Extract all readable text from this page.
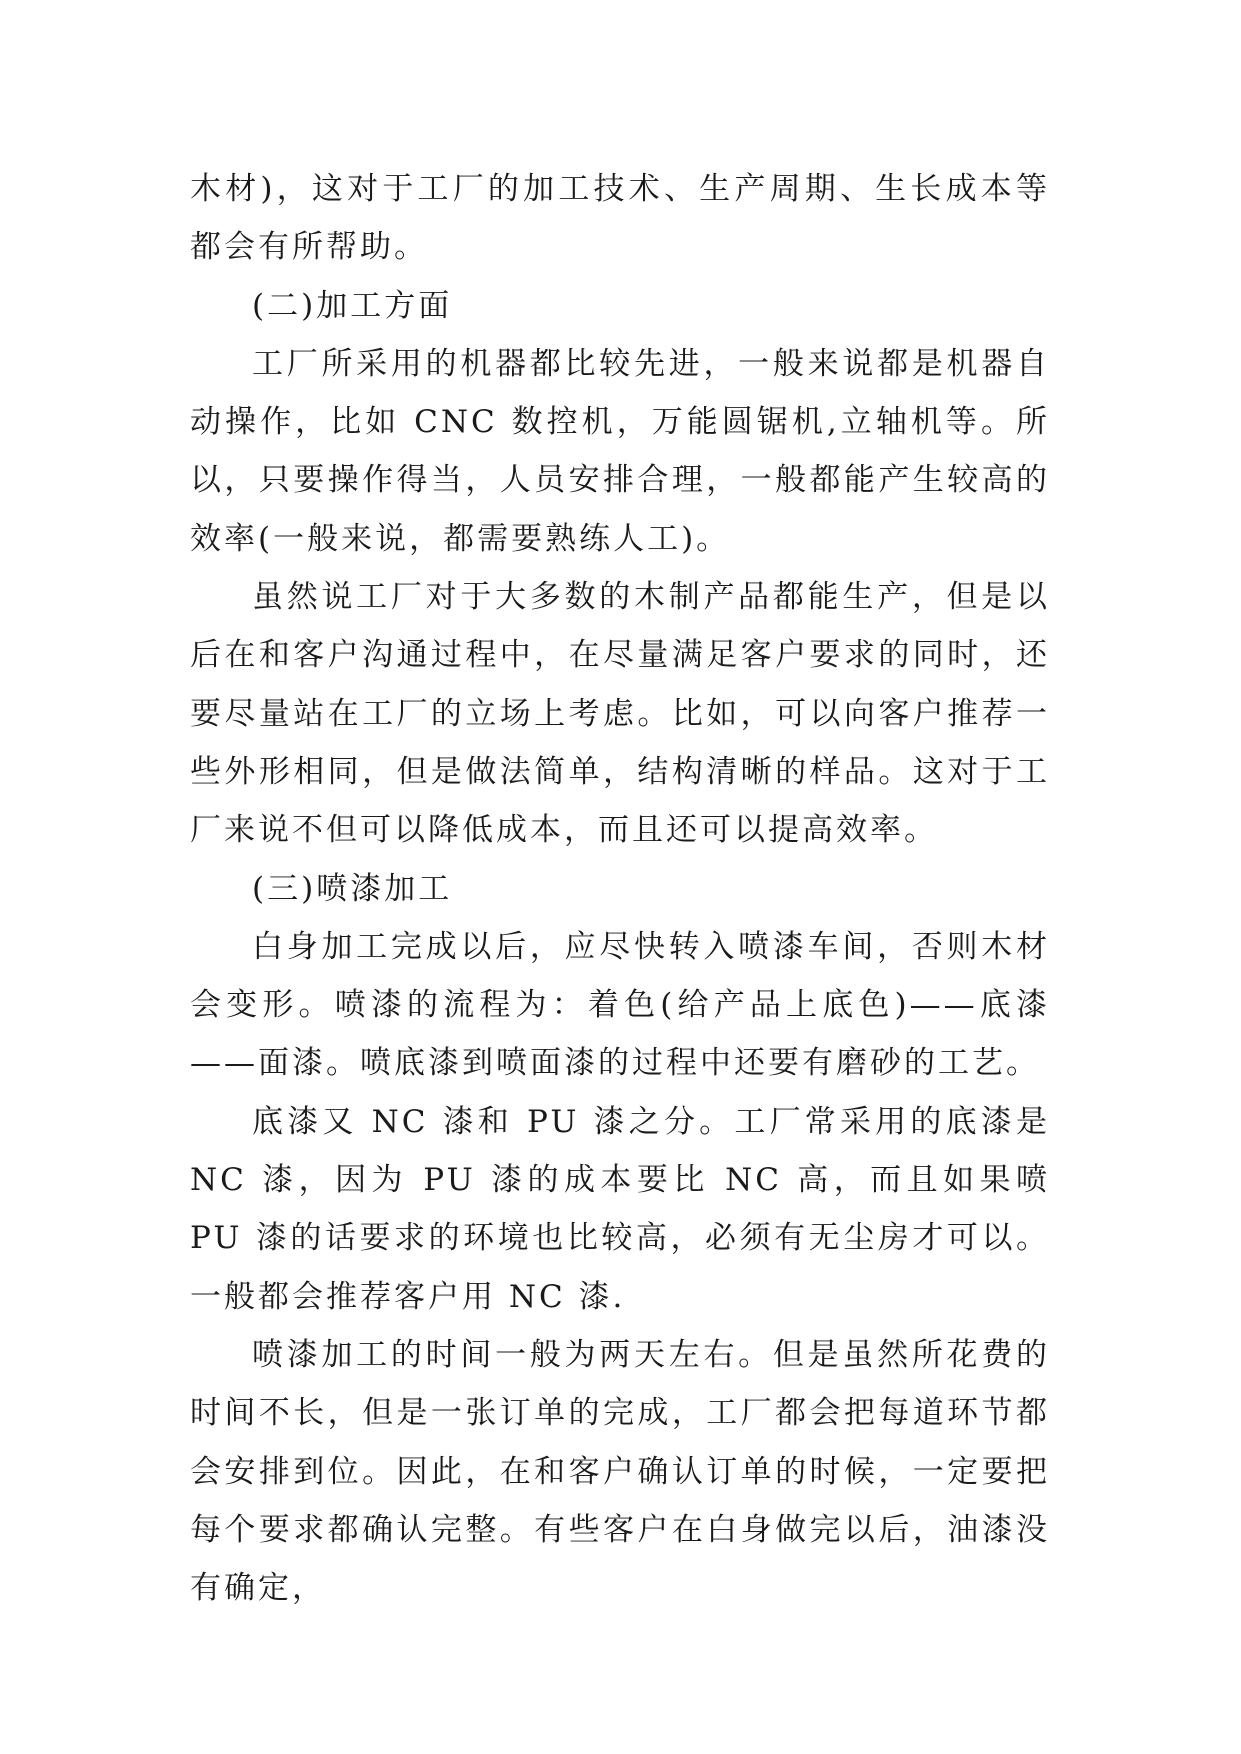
木材)，这对于工厂的加工技术、生产周期、生长成本等都会有所帮助。

(二)加工方面

工厂所采用的机器都比较先进，一般来说都是机器自动操作，比如 CNC 数控机，万能圆锯机,立轴机等。所以，只要操作得当，人员安排合理，一般都能产生较高的效率(一般来说，都需要熟练人工)。

虽然说工厂对于大多数的木制产品都能生产，但是以后在和客户沟通过程中，在尽量满足客户要求的同时，还要尽量站在工厂的立场上考虑。比如，可以向客户推荐一些外形相同，但是做法简单，结构清晰的样品。这对于工厂来说不但可以降低成本，而且还可以提高效率。

(三)喷漆加工

白身加工完成以后，应尽快转入喷漆车间，否则木材会变形。喷漆的流程为：着色(给产品上底色)——底漆——面漆。喷底漆到喷面漆的过程中还要有磨砂的工艺。

底漆又 NC 漆和 PU 漆之分。工厂常采用的底漆是 NC 漆，因为 PU 漆的成本要比 NC 高，而且如果喷 PU 漆的话要求的环境也比较高，必须有无尘房才可以。一般都会推荐客户用 NC 漆.

喷漆加工的时间一般为两天左右。但是虽然所花费的时间不长，但是一张订单的完成，工厂都会把每道环节都会安排到位。因此，在和客户确认订单的时候，一定要把每个要求都确认完整。有些客户在白身做完以后，油漆没有确定，
